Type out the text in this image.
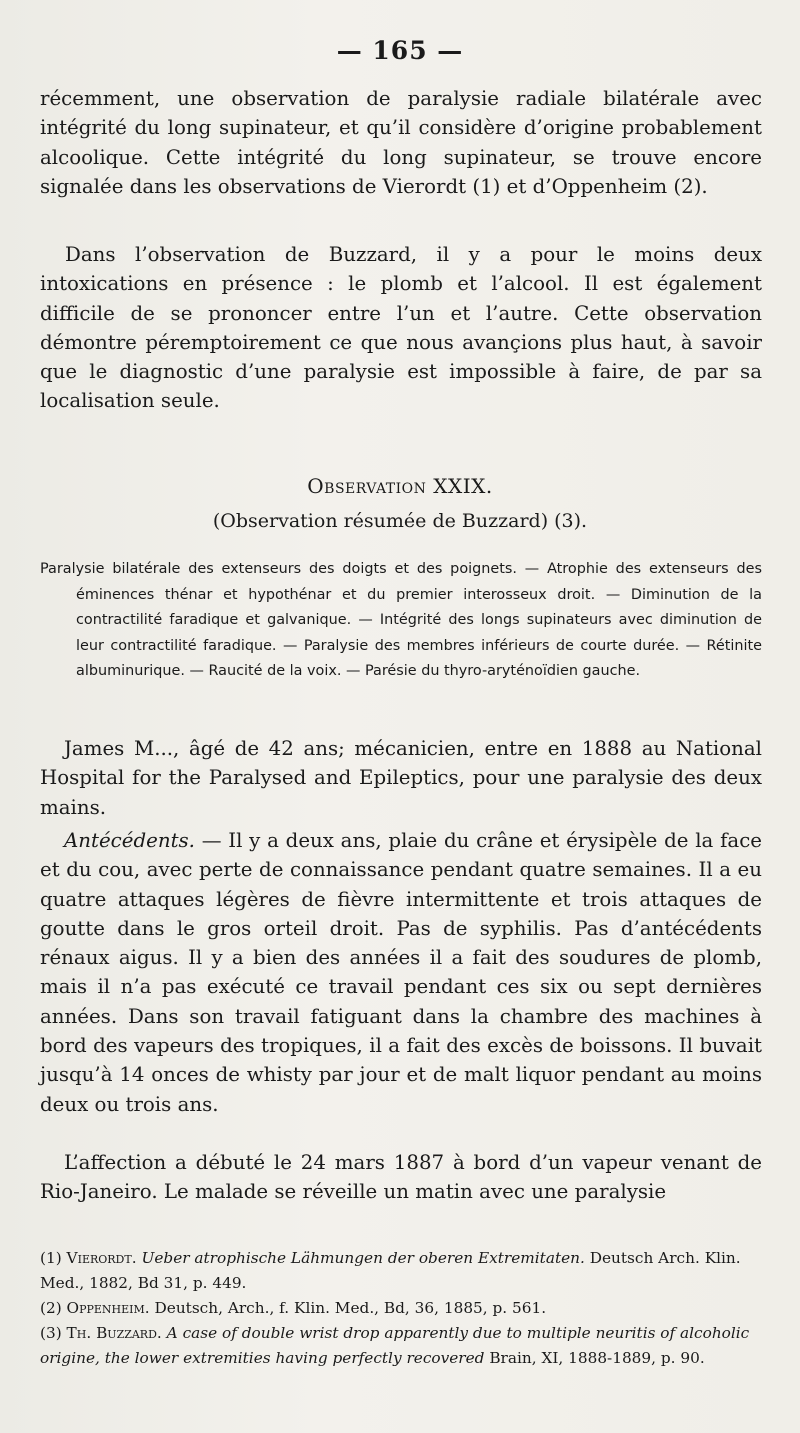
— 165 —
récemment, une observation de paralysie radiale bilatérale avec intégrité du long supinateur, et qu’il considère d’origine probablement alcoolique. Cette intégrité du long supinateur, se trouve encore signalée dans les observations de Vierordt (1) et d’Oppenheim (2).
Dans l’observation de Buzzard, il y a pour le moins deux intoxications en présence : le plomb et l’alcool. Il est également difficile de se prononcer entre l’un et l’autre. Cette observation démontre péremptoirement ce que nous avançions plus haut, à savoir que le diagnostic d’une paralysie est impossible à faire, de par sa localisation seule.
Observation XXIX.
(Observation résumée de Buzzard) (3).
Paralysie bilatérale des extenseurs des doigts et des poignets. — Atrophie des extenseurs des éminences thénar et hypothénar et du premier interosseux droit. — Diminution de la contractilité faradique et galvanique. — Intégrité des longs supinateurs avec diminution de leur contractilité faradique. — Paralysie des membres inférieurs de courte durée. — Rétinite albuminurique. — Raucité de la voix. — Parésie du thyro-aryténoïdien gauche.
James M..., âgé de 42 ans; mécanicien, entre en 1888 au National Hospital for the Paralysed and Epileptics, pour une paralysie des deux mains.
Antécédents. — Il y a deux ans, plaie du crâne et érysipèle de la face et du cou, avec perte de connaissance pendant quatre semaines. Il a eu quatre attaques légères de fièvre intermittente et trois attaques de goutte dans le gros orteil droit. Pas de syphilis. Pas d’antécédents rénaux aigus. Il y a bien des années il a fait des soudures de plomb, mais il n’a pas exécuté ce travail pendant ces six ou sept dernières années. Dans son travail fatiguant dans la chambre des machines à bord des vapeurs des tropiques, il a fait des excès de boissons. Il buvait jusqu’à 14 onces de whisty par jour et de malt liquor pendant au moins deux ou trois ans.
L’affection a débuté le 24 mars 1887 à bord d’un vapeur venant de Rio-Janeiro. Le malade se réveille un matin avec une paralysie

(1) Vierordt. Ueber atrophische Lähmungen der oberen Extremitaten. Deutsch Arch. Klin. Med., 1882, Bd 31, p. 449.

(2) Oppenheim. Deutsch, Arch., f. Klin. Med., Bd, 36, 1885, p. 561.

(3) Th. Buzzard. A case of double wrist drop apparently due to multiple neuritis of alcoholic origine, the lower extremities having perfectly recovered Brain, XI, 1888-1889, p. 90.
